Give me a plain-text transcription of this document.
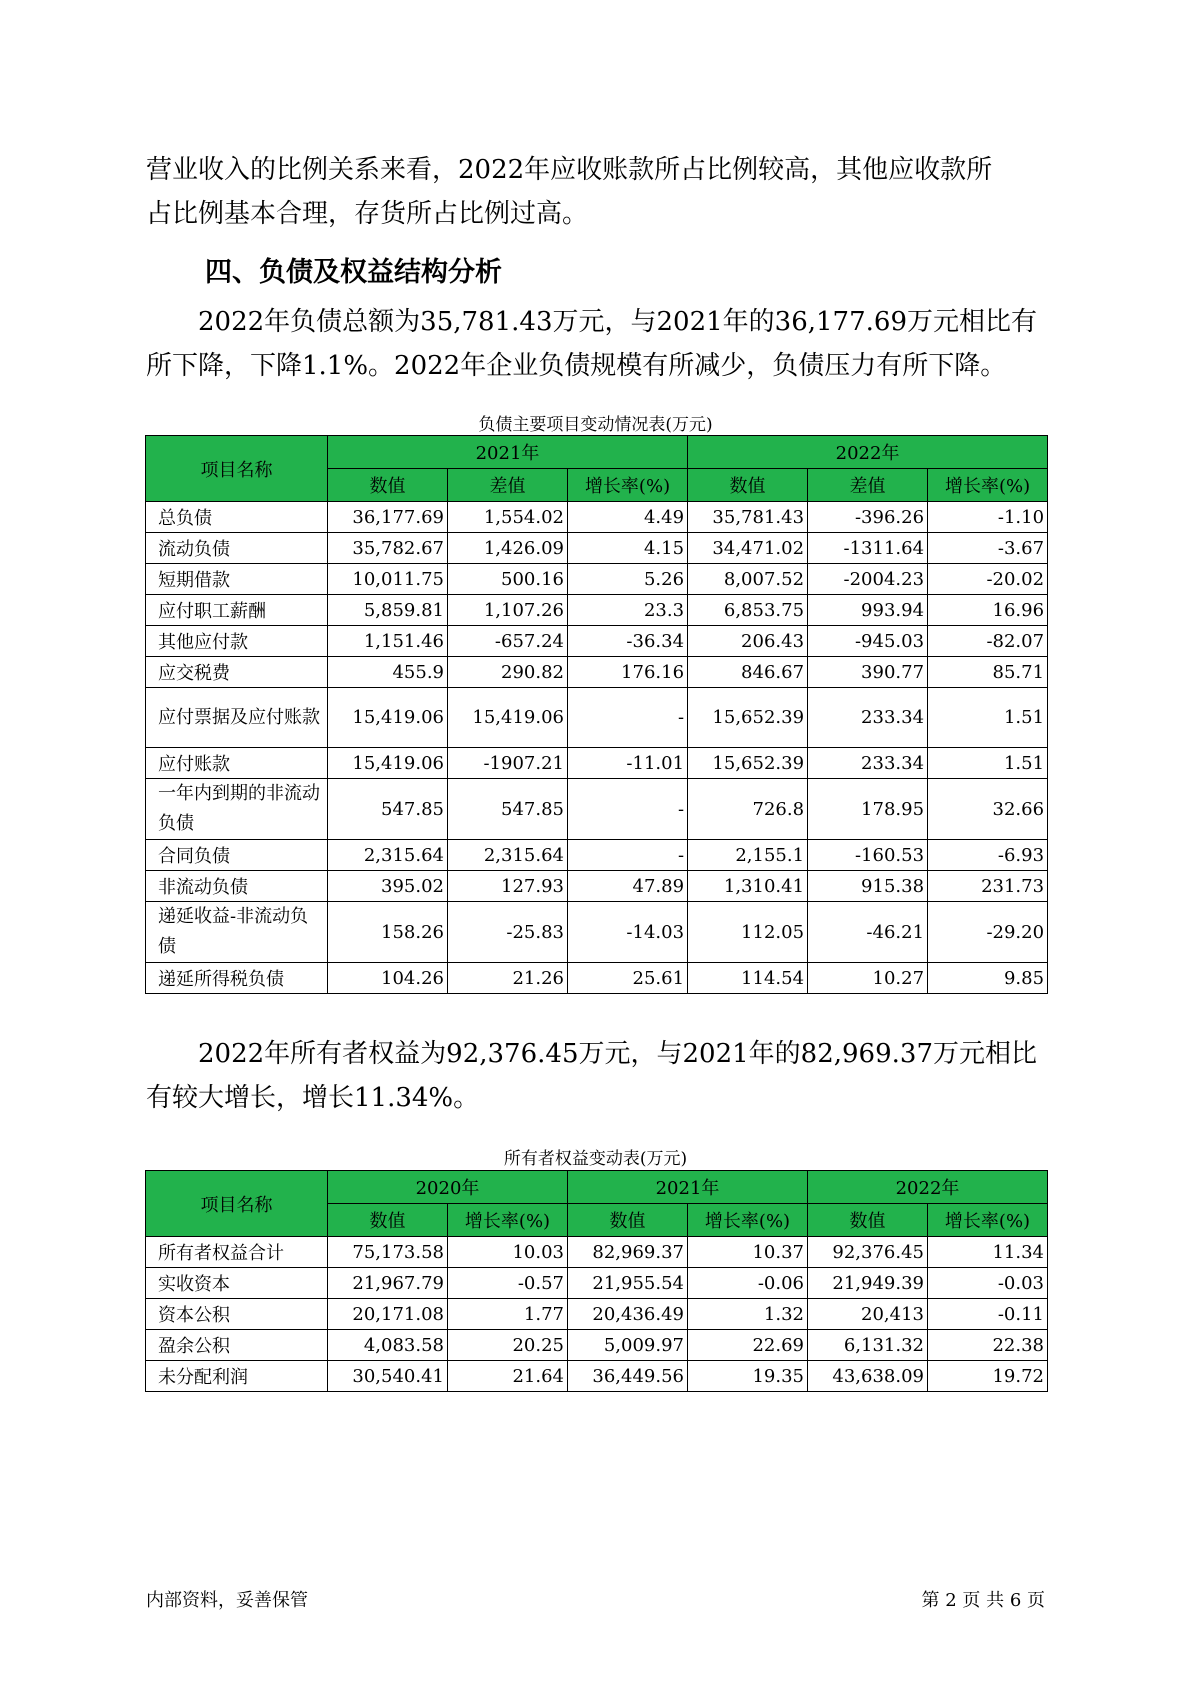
营业收入的比例关系来看，2022年应收账款所占比例较高，其他应收款所
占比例基本合理，存货所占比例过高。

四、负债及权益结构分析

2022年负债总额为35,781.43万元，与2021年的36,177.69万元相比有
所下降，下降1.1%。2022年企业负债规模有所减少，负债压力有所下降。

负债主要项目变动情况表(万元)
项目名称	2021年			2022年		
	数值	差值	增长率(%)	数值	差值	增长率(%)
总负债	36,177.69	1,554.02	4.49	35,781.43	-396.26	-1.10
流动负债	35,782.67	1,426.09	4.15	34,471.02	-1311.64	-3.67
短期借款	10,011.75	500.16	5.26	8,007.52	-2004.23	-20.02
应付职工薪酬	5,859.81	1,107.26	23.3	6,853.75	993.94	16.96
其他应付款	1,151.46	-657.24	-36.34	206.43	-945.03	-82.07
应交税费	455.9	290.82	176.16	846.67	390.77	85.71
应付票据及应付账款	15,419.06	15,419.06	-	15,652.39	233.34	1.51
应付账款	15,419.06	-1907.21	-11.01	15,652.39	233.34	1.51
一年内到期的非流动负债	547.85	547.85	-	726.8	178.95	32.66
合同负债	2,315.64	2,315.64	-	2,155.1	-160.53	-6.93
非流动负债	395.02	127.93	47.89	1,310.41	915.38	231.73
递延收益-非流动负债	158.26	-25.83	-14.03	112.05	-46.21	-29.20
递延所得税负债	104.26	21.26	25.61	114.54	10.27	9.85

2022年所有者权益为92,376.45万元，与2021年的82,969.37万元相比
有较大增长，增长11.34%。

所有者权益变动表(万元)
项目名称	2020年		2021年		2022年	
	数值	增长率(%)	数值	增长率(%)	数值	增长率(%)
所有者权益合计	75,173.58	10.03	82,969.37	10.37	92,376.45	11.34
实收资本	21,967.79	-0.57	21,955.54	-0.06	21,949.39	-0.03
资本公积	20,171.08	1.77	20,436.49	1.32	20,413	-0.11
盈余公积	4,083.58	20.25	5,009.97	22.69	6,131.32	22.38
未分配利润	30,540.41	21.64	36,449.56	19.35	43,638.09	19.72
内部资料，妥善保管	第 2 页 共 6 页
